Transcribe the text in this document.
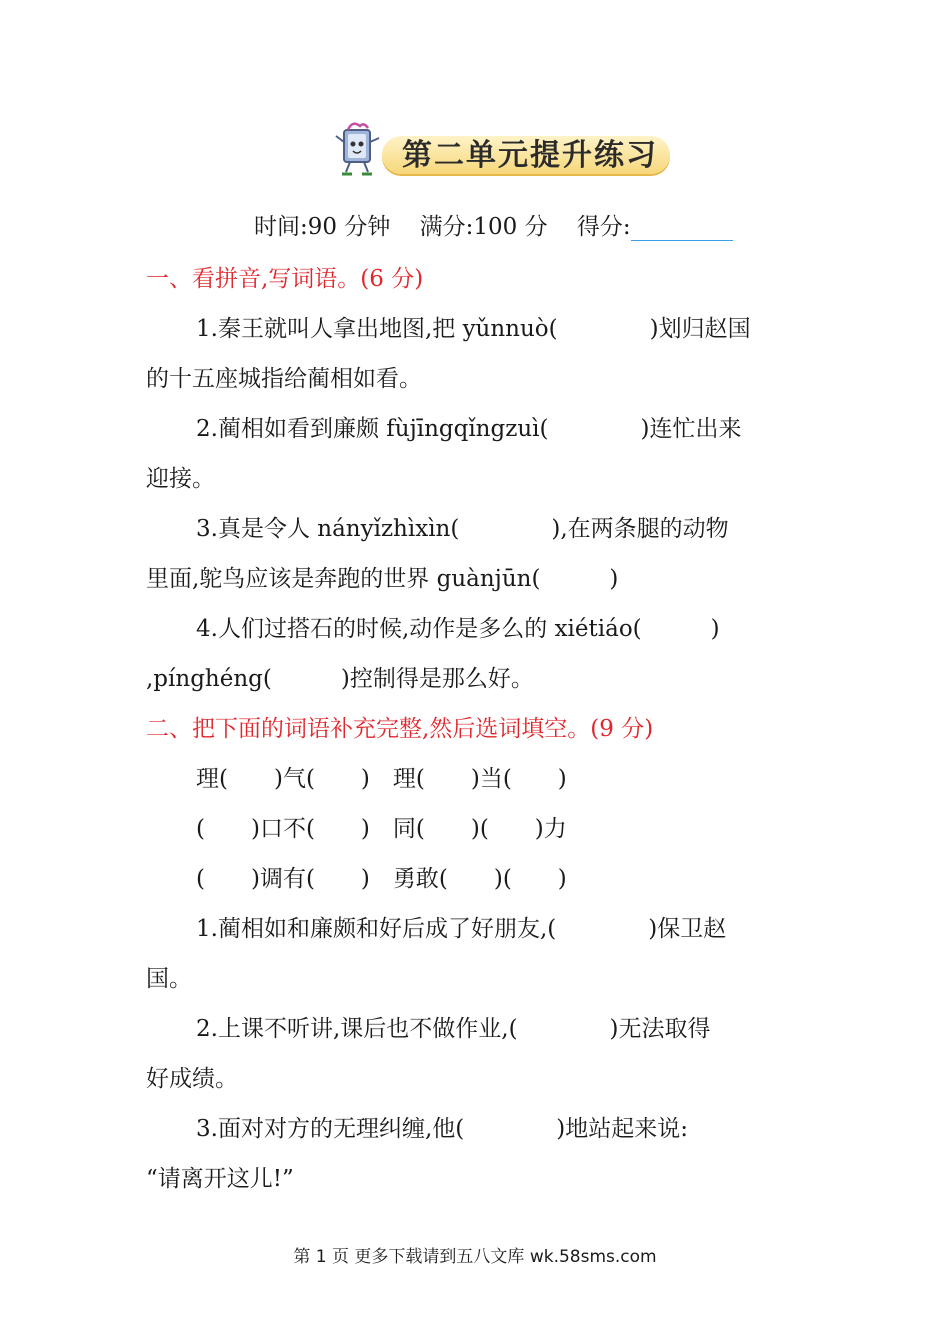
第二单元提升练习
时间:90 分钟 满分:100 分 得分:
一、看拼音,写词语。(6 分)
1.秦王就叫人拿出地图,把 yǔnnuò(　　　　)划归赵国
的十五座城指给蔺相如看。
2.蔺相如看到廉颇 fùjīngqǐngzuì(　　　　)连忙出来
迎接。
3.真是令人 nányǐzhìxìn(　　　　),在两条腿的动物
里面,鸵鸟应该是奔跑的世界 guànjūn(　　　)
4.人们过搭石的时候,动作是多么的 xiétiáo(　　　)
,pínghéng(　　　)控制得是那么好。
二、把下面的词语补充完整,然后选词填空。(9 分)
理(　　)气(　　)　理(　　)当(　　)
(　　)口不(　　)　同(　　)(　　)力
(　　)调有(　　)　勇敢(　　)(　　)
1.蔺相如和廉颇和好后成了好朋友,(　　　　)保卫赵
国。
2.上课不听讲,课后也不做作业,(　　　　)无法取得
好成绩。
3.面对对方的无理纠缠,他(　　　　)地站起来说:
“请离开这儿!”
第 1 页 更多下载请到五八文库 wk.58sms.com
